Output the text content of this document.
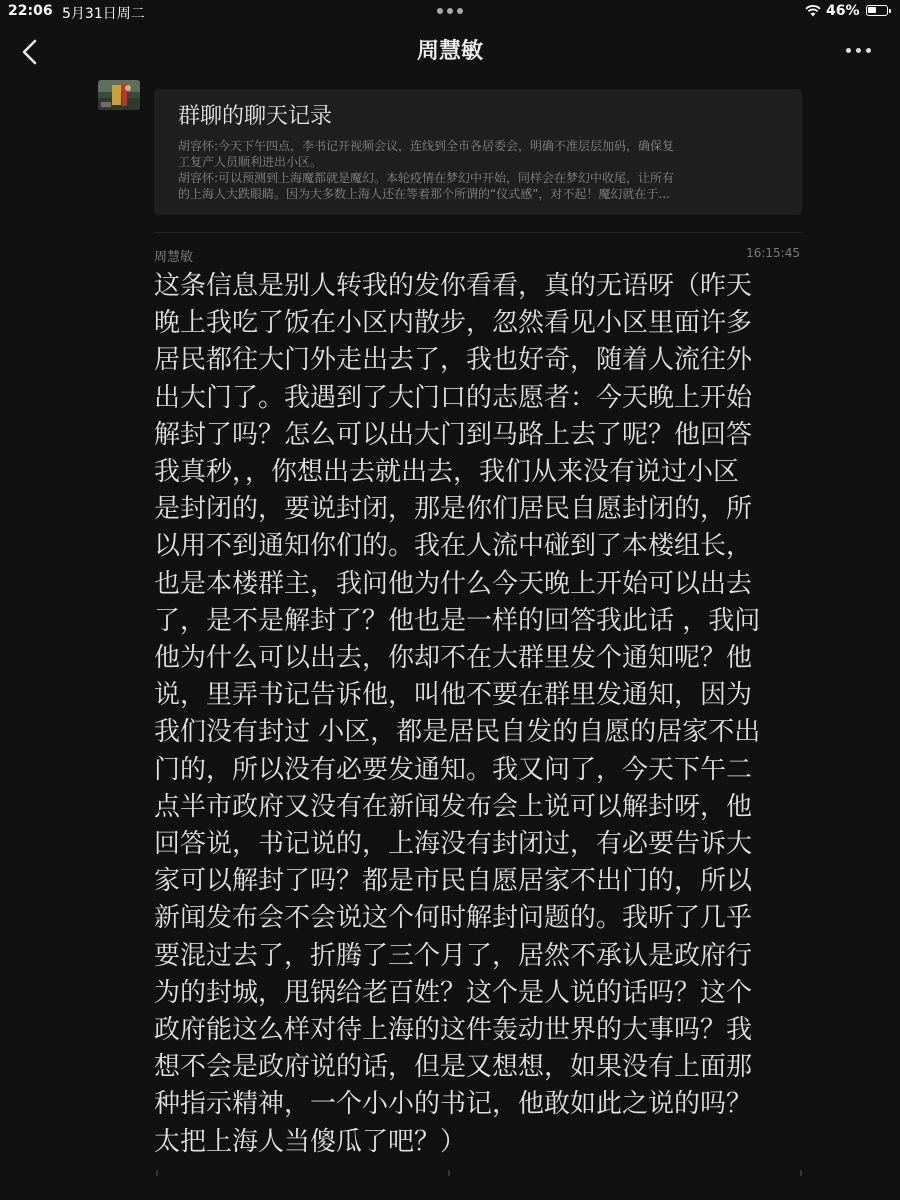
22:06 5月31日周二	46%
周慧敏
群聊的聊天记录
胡容怀:今天下午四点，李书记开视频会议，连线到全市各居委会，明确不准层层加码，确保复
工复产人员顺利进出小区。
胡容怀:可以预测到上海魔都就是魔幻。本轮疫情在梦幻中开始，同样会在梦幻中收尾，让所有
的上海人大跌眼睛。因为大多数上海人还在等着那个所谓的“仪式感”，对不起！魔幻就在于...
周慧敏	16:15:45
这条信息是别人转我的发你看看，真的无语呀（昨天
晚上我吃了饭在小区内散步，忽然看见小区里面许多
居民都往大门外走出去了，我也好奇，随着人流往外
出大门了。我遇到了大门口的志愿者：今天晚上开始
解封了吗？怎么可以出大门到马路上去了呢？他回答
我真秒，，你想出去就出去，我们从来没有说过小区
是封闭的，要说封闭，那是你们居民自愿封闭的，所
以用不到通知你们的。我在人流中碰到了本楼组长，
也是本楼群主，我问他为什么今天晚上开始可以出去
了，是不是解封了？他也是一样的回答我此话 ，我问
他为什么可以出去，你却不在大群里发个通知呢？他
说，里弄书记告诉他，叫他不要在群里发通知，因为
我们没有封过 小区，都是居民自发的自愿的居家不出
门的，所以没有必要发通知。我又问了，今天下午二
点半市政府又没有在新闻发布会上说可以解封呀，他
回答说，书记说的，上海没有封闭过，有必要告诉大
家可以解封了吗？都是市民自愿居家不出门的，所以
新闻发布会不会说这个何时解封问题的。我听了几乎
要混过去了，折腾了三个月了，居然不承认是政府行
为的封城，甩锅给老百姓？这个是人说的话吗？这个
政府能这么样对待上海的这件轰动世界的大事吗？我
想不会是政府说的话，但是又想想，如果没有上面那
种指示精神，一个小小的书记，他敢如此之说的吗？
太把上海人当傻瓜了吧？）
